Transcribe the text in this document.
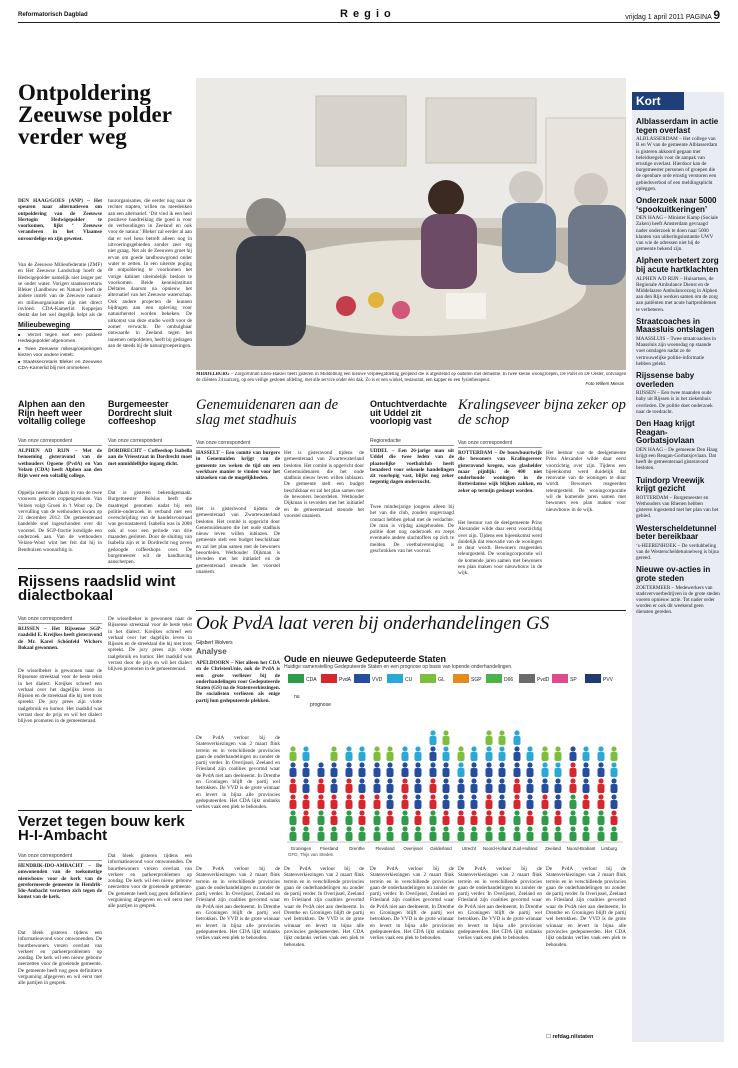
Reformatorisch Dagblad	R e g i o	vrijdag 1 april 2011 PAGINA 9
Ontpoldering Zeeuwse polder verder weg
DEN HAAG/GOES (ANP) – Het speuren naar alternatieven om ontpoldering van de Zeeuwse Hertogin Hedwigepolder te voorkomen, lijkt ‘ Zeeuwse veranderen in het Vlaamse onvoordelige en zijn gewenst.
Van de Zeeuwse Milieufederatie (ZMF) en Het Zeeuwse Landschap hoeft de Hedwigepolder namelijk niet langer per se onder water. Vorigen staatssecretaris Bleker (Landbouw en Natuur) heeft de andere instelt van de Zeeuwse natuur- en milieuorganisaties zijn niet direct invloed. CDA-Kamerlid Koppejan denkt dat het wel degelijk helpt als de
Milieubeweging
■ Verzet tegen niet een poldere Hedwigepolder afgenomen.
■ Twee Zeeuwse milieugroeperingen kiezen voor andere instelt.
■ Staatssecretaris Bleker en Zeeuwse CDA-Kamerlid blij met ommekeer.
tuurorganisaties, die eerder nog naar de rechter stapten, willen nu meedenken aan een alternatief. ‘Dit vind ik een heel positieve handreiking die goed is voor de verhoudingen in Zeeland en ook voor de natuur.’ Bleker zal eerder al aan dat er wel heus betreft alleen nog in uitvoeringsgebieden zonder zeer erg niet graag. Net als de Zeeuwen groet hij ervan om goede landbouwgrond onder water te zetten. In een uiterste poging de ontpoldering te voorkomen het vorige kabinet uiteindelijk besloot te voorkomen. Beide kennisinstituut Deltares daarom na opnieuw het alternatief van het Zeeuwse waterschap. Ook andere projecten de kunnen bijdragen aan een opleving voor natuurherstel worden bekeken. De uitkomst van deze studie wordt voor de zomer verwacht. De ombuigbaar ontwaarde in Zeeland tegen het innemen ontpolderen, heeft bij gedragen aan de steeds bij de natuurgroeperingen.
MIDDELBURG – Zorgcentrum Eben-Haëzer heeft gisteren in Middelburg een nieuwe verpleegafdeling geopend die is afgestemd op ouderen met dementie. In twee kleine woongroepen, De Parel en De Oester, ontvangen de cliënten 24 uurzorg, op een veilige gesloten afdeling, met alle service onder één dak. Zo is er een winkel, restaurant, een kapper en een fysiotherapeut.
Foto Willem Mieras
Kort
Alblasserdam in actie tegen overlast

ALBLASSERDAM – Het college van B en W van de gemeente Alblasserdam is gisteren akkoord gegaan met beleidsregels voor de aanpak van ernstige overlast. Hierdoor kan de burgemeester personen of groepen die de openbare orde ernstig verstoren een gebiedsverbod of een meldingsplicht opleggen.

Onderzoek naar 5000 ‘spookuitkeringen’

DEN HAAG – Minister Kamp (Sociale Zaken) heeft Amsterdam gevraagd nader onderzoek te doen naar 5000 klanten van uitkeringsinstantie UWV van wie de adressen niet bij de gemeente bekend zijn.

Alphen verbetert zorg bij acute hartklachten

ALPHEN A/D RIJN – Huisartsen, de Regionale Ambulance Dienst en de Middelaarse Ambulancezorg in Alphen aan den Rijn werken samen om de zorg aan patiënten met acute hartproblemen te verbeteren.

Straatcoaches in Maassluis ontslagen

MAASSLUIS – Twee straatcoaches in Maassluis zijn woensdag op staande voet ontslagen nadat ze de vertrouwelijke politie-informatie hebben gelekt.

Rijssense baby overleden

RIJSSEN – Een twee maanden oude baby uit Rijssen is in het ziekenhuis overleden. De politie doet onderzoek naar de toedracht.

Den Haag krijgt Reagan-Gorbatsjovlaan

DEN HAAG – De gemeente Den Haag krijgt een Reagan-Gorbatsjovlaan. Dat heeft de gemeenteraad gisteravond besloten.

Tuindorp Vreewijk krijgt gezicht

ROTTERDAM – Burgemeester en Wethouders van Rhenen hebben gisteren ingestemd met het plan van het gebied.

Westerscheldetunnel beter bereikbaar

‘s-HEERENHOEK – De verdubbeling van de Westerscheldetunnelweg is bijna gereed.

Nieuwe ov-acties in grote steden

ZOETERMEER – Medewerkers van stadsvervoerbedrijven in de grote steden voeren opnieuw actie. Tot nader order worden er ook dit weekend geen diensten gereden.

Alphen aan den Rijn heeft weer voltallig college
Van onze correspondent
ALPHEN AD RIJN – Met de benoeming gisteravond van de wethouders Ogoene (PvdA) en Van Velzen (CDA) heeft Alphen aan den Rijn weer een voltallig college.
Oppelja neemt de plaats in van de twee vrouwen gekozen coppengesloten. Van Velzen volgt Groen in 't Wout op. De vervulling van de wethouders kwam op 21 december 2012. De gemeenteraad handelde snel ingeschonden over dit voorstel. De SGP-fractie kondigde een onderzoek aan. Van de wethouders Velzen-Wout wint het feit dat hij in Benthuizen woonachtig is.
Burgemeester Dordrecht sluit coffeeshop
Van onze correspondent
DORDRECHT – Coffeeshop Isabella aan de Vriesstraat in Dordrecht moet met onmiddellijke ingang dicht.
Dat is gisteren bekendgemaakt. Burgemeester Bolsius heeft die maatregel genomen nadat bij een politie-onderzoek in verband met een overschrijding van de handelsvoorraad was geconstateerd. Isabella was in 2008 ook al voor een periode van drie maanden gesloten. Door de sluiting van Isabella zijn er in Dordrecht nog zeven gedoogde coffeeshops over. De burgemeester wil de handhaving aanscherpen.
Genemuidenaren aan de slag met stadhuis
Van onze correspondent
HASSELT – Een comité van burgers in Genemuiden krijgt van de gemeente zes weken de tijd om een werkbare manier te vinden voor het uitzoeken van de mogelijkheden.
Het is gisteravond tijdens de gemeenteraad van Zwartewaterland besloten. Het comité is opgericht door Genemuidenaren die het oude stadhuis nieuw leven willen inblazen. De gemeente stelt een budget beschikbaar en zal het plan samen met de bewoners beoordelen. Wethouder Dijkman is tevreden met het initiatief en de gemeenteraad steunde het voorstel unaniem.
Het is gisteravond tijdens de gemeenteraad van Zwartewaterland besloten. Het comité is opgericht door Genemuidenaren die het oude stadhuis nieuw leven willen inblazen. De gemeente stelt een budget beschikbaar en zal het plan samen met de bewoners beoordelen. Wethouder Dijkman is tevreden met het initiatief en de gemeenteraad steunde het voorstel unaniem.
Ontuchtverdachte uit Uddel zit voorlopig vast
Regioredactie
UDDEL – Een 26-jarige man uit Uddel die twee leden van de plaatselijke voetbalclub heeft benaderd voor seksuele handelingen zit voorlopig vast, blijkt nog zeker negentig dagen onderzocht.
Twee minderjarige jongens alleen bij het van die club, zouden ongevraagd contact hebben gehad met de verdachte. De man is vrijdag aangehouden. De politie doet nog onderzoek en roept eventuele andere slachtoffers op zich te melden. De voetbalvereniging is geschrokken van het voorval.
Kralingseveer bijna zeker op de schop
Van onze correspondent
ROTTERDAM – De bouwbuurtwijk die bewoners van Kralingseveer gisteravond kregen, was glashelder maar pijnlijk: de 400 niet onderhoude woningen in de Rotterdamse wijk blijken zakken, en zeker op termijn gesloopt worden.
Het bestuur van de deelgemeente Prins Alexander wilde daar eerst voorzichtig over zijn. Tijdens een bijeenkomst werd duidelijk dat renovatie van de woningen te duur wordt. Bewoners reageerden teleurgesteld. De woningcorporatie wil de komende jaren samen met bewoners een plan maken voor nieuwbouw in de wijk.
Het bestuur van de deelgemeente Prins Alexander wilde daar eerst voorzichtig over zijn. Tijdens een bijeenkomst werd duidelijk dat renovatie van de woningen te duur wordt. Bewoners reageerden teleurgesteld. De woningcorporatie wil de komende jaren samen met bewoners een plan maken voor nieuwbouw in de wijk.
Rijssens raadslid wint dialectbokaal
Van onze correspondent
RIJSSEN – Het Rijssense SGP-raadslid E. Kreijkes heeft gisteravond de Mr. Karel Schönfeld Wichers Bokaal gewonnen.
De wisselbeker is gewonnen naar de Rijssense streektaal voor de beste tekst in het dialect. Kreijkes schreef een verhaal over het dagelijks leven in Rijssen en de streektaal die hij met trots spreekt. De jury prees zijn vlotte taalgebruik en humor. Het raadslid was verrast door de prijs en wil het dialect blijven promoten in de gemeenteraad.
De wisselbeker is gewonnen naar de Rijssense streektaal voor de beste tekst in het dialect. Kreijkes schreef een verhaal over het dagelijks leven in Rijssen en de streektaal die hij met trots spreekt. De jury prees zijn vlotte taalgebruik en humor. Het raadslid was verrast door de prijs en wil het dialect blijven promoten in de gemeenteraad.
Verzet tegen bouw kerk H-I-Ambacht
Van onze correspondent
HENDRIK-IDO-AMBACHT – De omwonenden van de toekomstige nieuwbouw voor de kerk van de gereformeerde gemeente in Hendrik-Ido-Ambacht verzetten zich tegen de komst van de kerk.
Dat bleek gisteren tijdens een informatieavond voor omwonenden. De buurtbewoners vrezen overlast van verkeer en parkeerproblemen op zondag. De kerk wil een nieuw gebouw neerzetten voor de groeiende gemeente. De gemeente heeft nog geen definitieve vergunning afgegeven en wil eerst met alle partijen in gesprek.
Dat bleek gisteren tijdens een informatieavond voor omwonenden. De buurtbewoners vrezen overlast van verkeer en parkeerproblemen op zondag. De kerk wil een nieuw gebouw neerzetten voor de groeiende gemeente. De gemeente heeft nog geen definitieve vergunning afgegeven en wil eerst met alle partijen in gesprek.
Ook PvdA laat veren bij onderhandelingen GS
Gijsbert Wolvers
Analyse
APELDOORN – Niet alleen het CDA en de ChristenUnie, ook de PvdA is een grote verliezer bij de onderhandelingen voor Gedeputeerde Staten (GS) na de Statenverkiezingen. De socialisten verliezen als enige partij hun gedeputeerde plekken.
De PvdA verloor bij de Statenverkiezingen van 2 maart flink terrein en in verschillende provincies gaan de onderhandelingen nu zonder de partij verder. In Overijssel, Zeeland en Friesland zijn coalities gevormd waar de PvdA niet aan deelneemt. In Drenthe en Groningen blijft de partij wel betrokken. De VVD is de grote winnaar en levert in bijna alle provincies gedeputeerden. Het CDA lijkt ondanks verlies vaak een plek te behouden.
De PvdA verloor bij de Statenverkiezingen van 2 maart flink terrein en in verschillende provincies gaan de onderhandelingen nu zonder de partij verder. In Overijssel, Zeeland en Friesland zijn coalities gevormd waar de PvdA niet aan deelneemt. In Drenthe en Groningen blijft de partij wel betrokken. De VVD is de grote winnaar en levert in bijna alle provincies gedeputeerden. Het CDA lijkt ondanks verlies vaak een plek te behouden.
De PvdA verloor bij de Statenverkiezingen van 2 maart flink terrein en in verschillende provincies gaan de onderhandelingen nu zonder de partij verder. In Overijssel, Zeeland en Friesland zijn coalities gevormd waar de PvdA niet aan deelneemt. In Drenthe en Groningen blijft de partij wel betrokken. De VVD is de grote winnaar en levert in bijna alle provincies gedeputeerden. Het CDA lijkt ondanks verlies vaak een plek te behouden.
De PvdA verloor bij de Statenverkiezingen van 2 maart flink terrein en in verschillende provincies gaan de onderhandelingen nu zonder de partij verder. In Overijssel, Zeeland en Friesland zijn coalities gevormd waar de PvdA niet aan deelneemt. In Drenthe en Groningen blijft de partij wel betrokken. De VVD is de grote winnaar en levert in bijna alle provincies gedeputeerden. Het CDA lijkt ondanks verlies vaak een plek te behouden.
De PvdA verloor bij de Statenverkiezingen van 2 maart flink terrein en in verschillende provincies gaan de onderhandelingen nu zonder de partij verder. In Overijssel, Zeeland en Friesland zijn coalities gevormd waar de PvdA niet aan deelneemt. In Drenthe en Groningen blijft de partij wel betrokken. De VVD is de grote winnaar en levert in bijna alle provincies gedeputeerden. Het CDA lijkt ondanks verlies vaak een plek te behouden.
De PvdA verloor bij de Statenverkiezingen van 2 maart flink terrein en in verschillende provincies gaan de onderhandelingen nu zonder de partij verder. In Overijssel, Zeeland en Friesland zijn coalities gevormd waar de PvdA niet aan deelneemt. In Drenthe en Groningen blijft de partij wel betrokken. De VVD is de grote winnaar en levert in bijna alle provincies gedeputeerden. Het CDA lijkt ondanks verlies vaak een plek te behouden.
☐ refdag.nl/staten
Oude en nieuwe Gedeputeerde Staten
Huidige samenstelling Gedeputeerde Staten en een prognose op basis van lopende onderhandelingen.
CDA	PvdA	VVD	CU	GL	SGP	D66	PvdD	SP	PVV
nu
prognose
Groningen Friesland	Drenthe Flevoland Overijssel Gelderland Utrecht Noord-Holland Zuid-Holland Zeeland Noord-Brabant Limburg
GFD, Thijs van Steden
